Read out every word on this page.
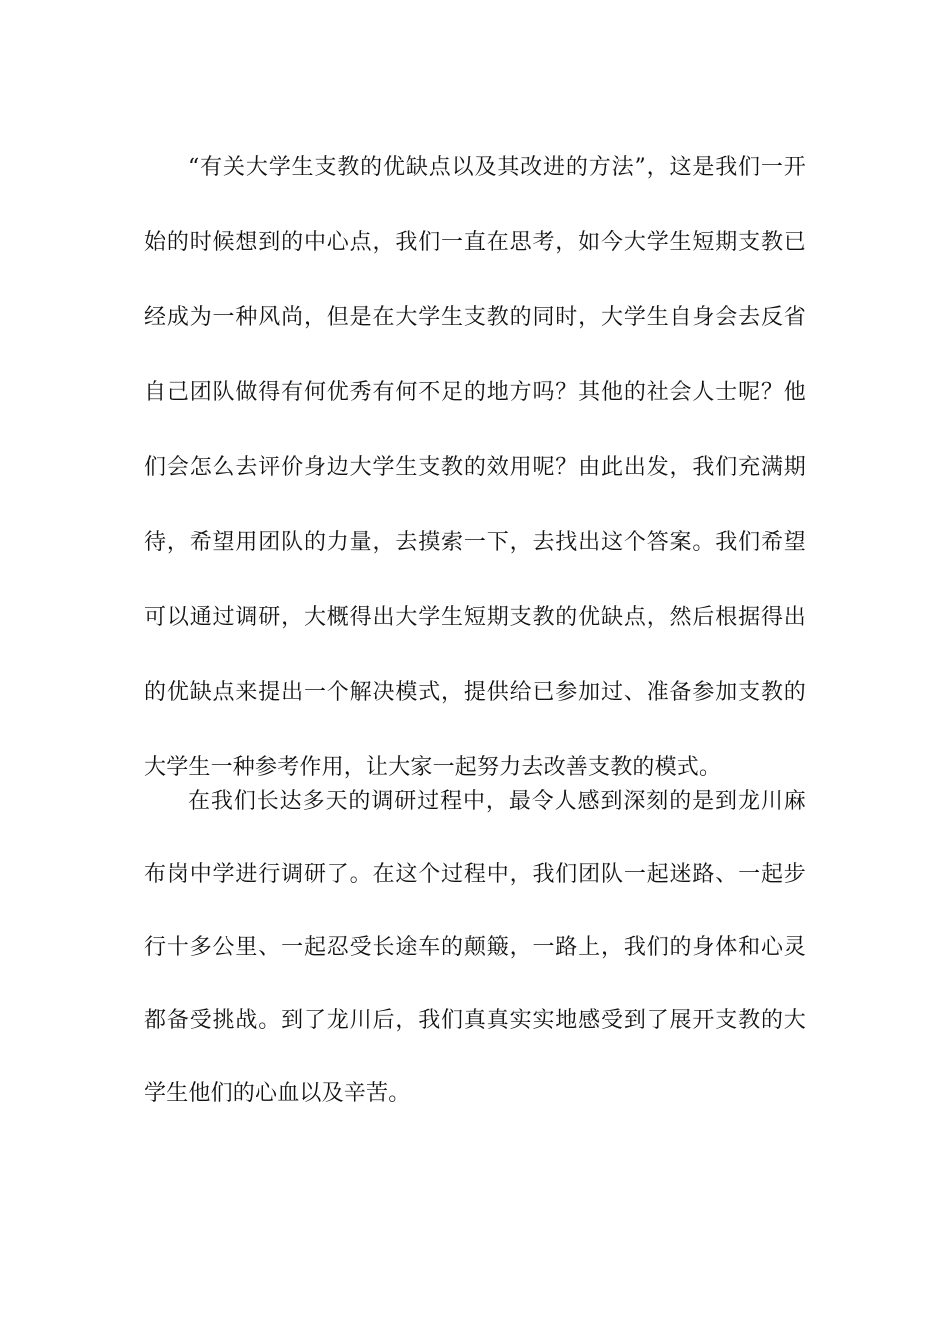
“有关大学生支教的优缺点以及其改进的方法”，这是我们一开始的时候想到的中心点，我们一直在思考，如今大学生短期支教已经成为一种风尚，但是在大学生支教的同时，大学生自身会去反省自己团队做得有何优秀有何不足的地方吗？其他的社会人士呢？他们会怎么去评价身边大学生支教的效用呢？由此出发，我们充满期待，希望用团队的力量，去摸索一下，去找出这个答案。我们希望可以通过调研，大概得出大学生短期支教的优缺点，然后根据得出的优缺点来提出一个解决模式，提供给已参加过、准备参加支教的大学生一种参考作用，让大家一起努力去改善支教的模式。

在我们长达多天的调研过程中，最令人感到深刻的是到龙川麻布岗中学进行调研了。在这个过程中，我们团队一起迷路、一起步行十多公里、一起忍受长途车的颠簸，一路上，我们的身体和心灵都备受挑战。到了龙川后，我们真真实实地感受到了展开支教的大学生他们的心血以及辛苦。
